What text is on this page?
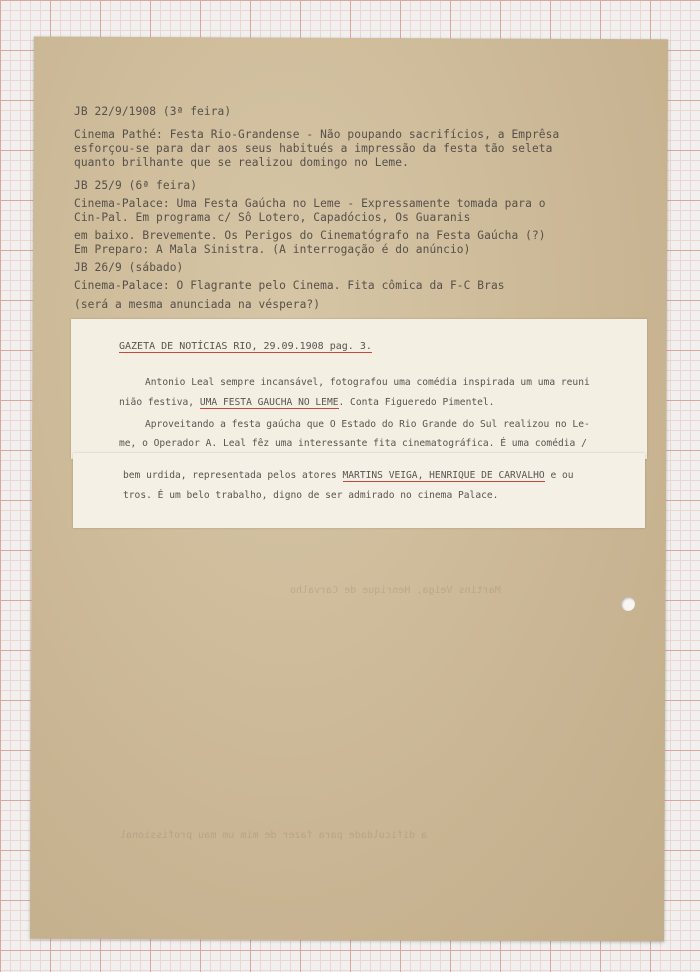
Martins Veiga, Henrique de Carvalho
a dificuldade para fazer de mim um mau profissional
JB 22/9/1908 (3ª feira)
Cinema Pathé: Festa Rio-Grandense - Não poupando sacrifícios, a Emprêsa
esforçou-se para dar aos seus habitués a impressão da festa tão seleta
quanto brilhante que se realizou domingo no Leme.
JB 25/9 (6ª feira)
Cinema-Palace: Uma Festa Gaúcha no Leme - Expressamente tomada para o
Cin-Pal. Em programa c/ Sô Lotero, Capadócios, Os Guaranis
em baixo. Brevemente. Os Perigos do Cinematógrafo na Festa Gaúcha (?)
Em Preparo: A Mala Sinistra. (A interrogação é do anúncio)
JB 26/9 (sábado)
Cinema-Palace: O Flagrante pelo Cinema. Fita cômica da F-C Bras
(será a mesma anunciada na véspera?)
GAZETA DE NOTÍCIAS RIO, 29.09.1908 pag. 3.
Antonio Leal sempre incansável, fotografou uma comédia inspirada um uma reuni
nião festiva, UMA FESTA GAUCHA NO LEME. Conta Figueredo Pimentel.
Aproveitando a festa gaúcha que O Estado do Rio Grande do Sul realizou no Le-
me, o Operador A. Leal fêz uma interessante fita cinematográfica. É uma comédia /
bem urdida, representada pelos atores MARTINS VEIGA, HENRIQUE DE CARVALHO e ou
tros. É um belo trabalho, digno de ser admirado no cinema Palace.
